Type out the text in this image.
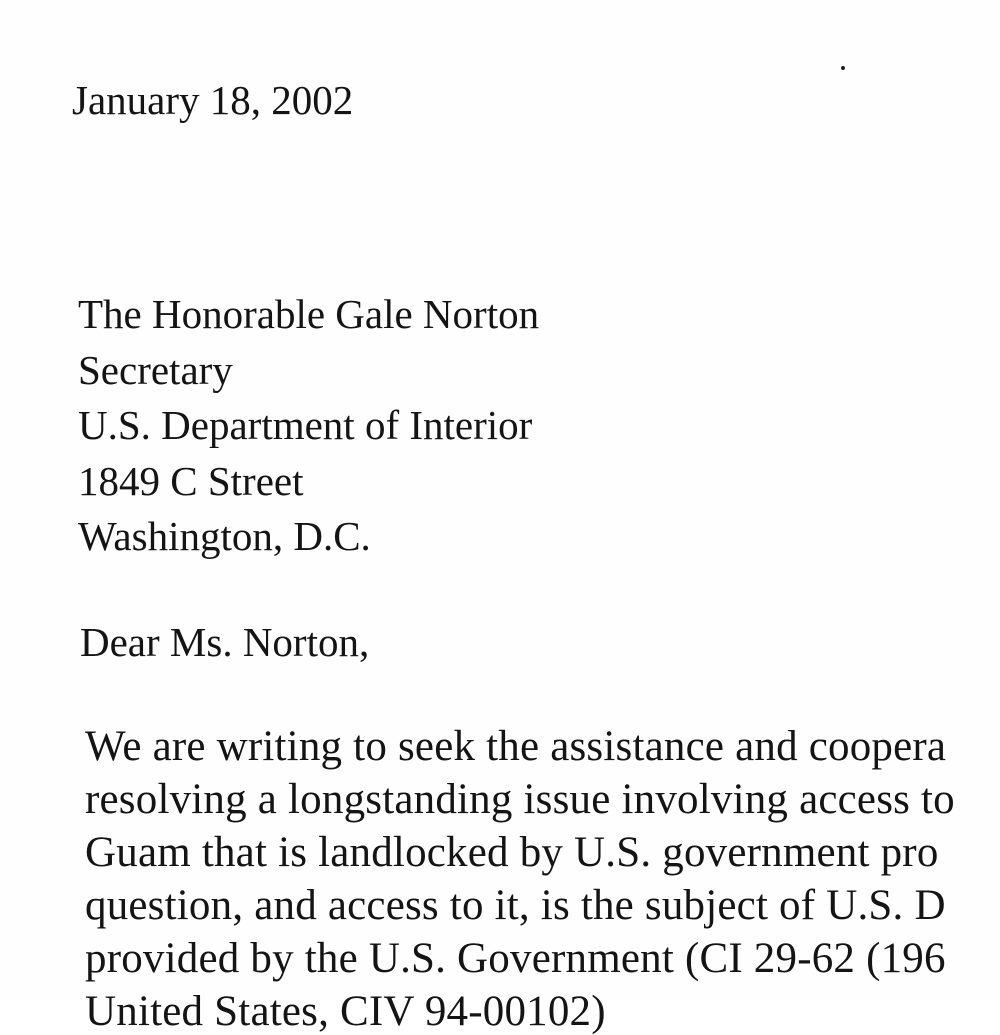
January 18, 2002
The Honorable Gale Norton
Secretary
U.S. Department of Interior
1849 C Street
Washington, D.C.
Dear Ms. Norton,
We are writing to seek the assistance and coopera
resolving a longstanding issue involving access to
Guam that is landlocked by U.S. government pro
question, and access to it, is the subject of U.S. D
provided by the U.S. Government (CI 29-62 (196
United States, CIV 94-00102)
